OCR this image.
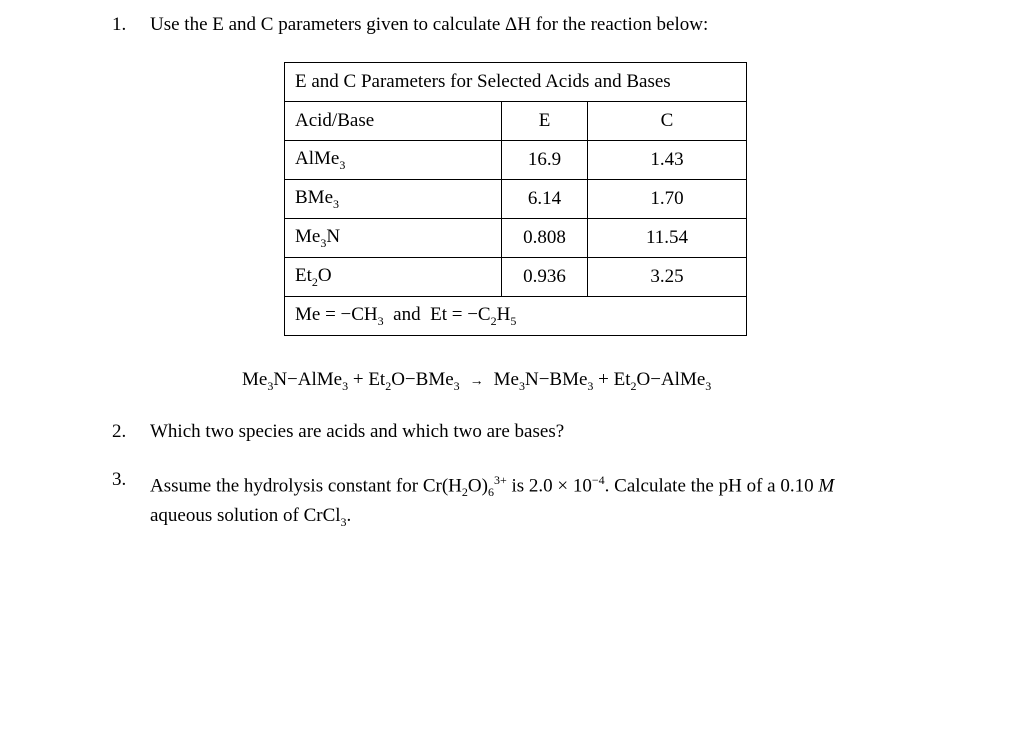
1. Use the E and C parameters given to calculate ΔH for the reaction below:
E and C Parameters for Selected Acids and Bases		
Acid/Base	E	C
AlMe$_3$	16.9	1.43
BMe$_3$	6.14	1.70
$Me_3N$	0.808	11.54
$Et_2O$	0.936	3.25
$Me = -CH_3$  and  $Et = -C_2H_5$
$Me_3N-AlMe_3 + Et_2O-BMe_3 \to Me_3N-BMe_3$ + $Et_2O-AlMe_3$
2. Which two species are acids and which two are bases?
3. Assume the hydrolysis constant for $Cr(H_2O)_6^{3+}$ is $2.0 \times 10^{-4}$. Calculate the pH of a 0.10 M
aqueous solution of CrCl$_3$.
